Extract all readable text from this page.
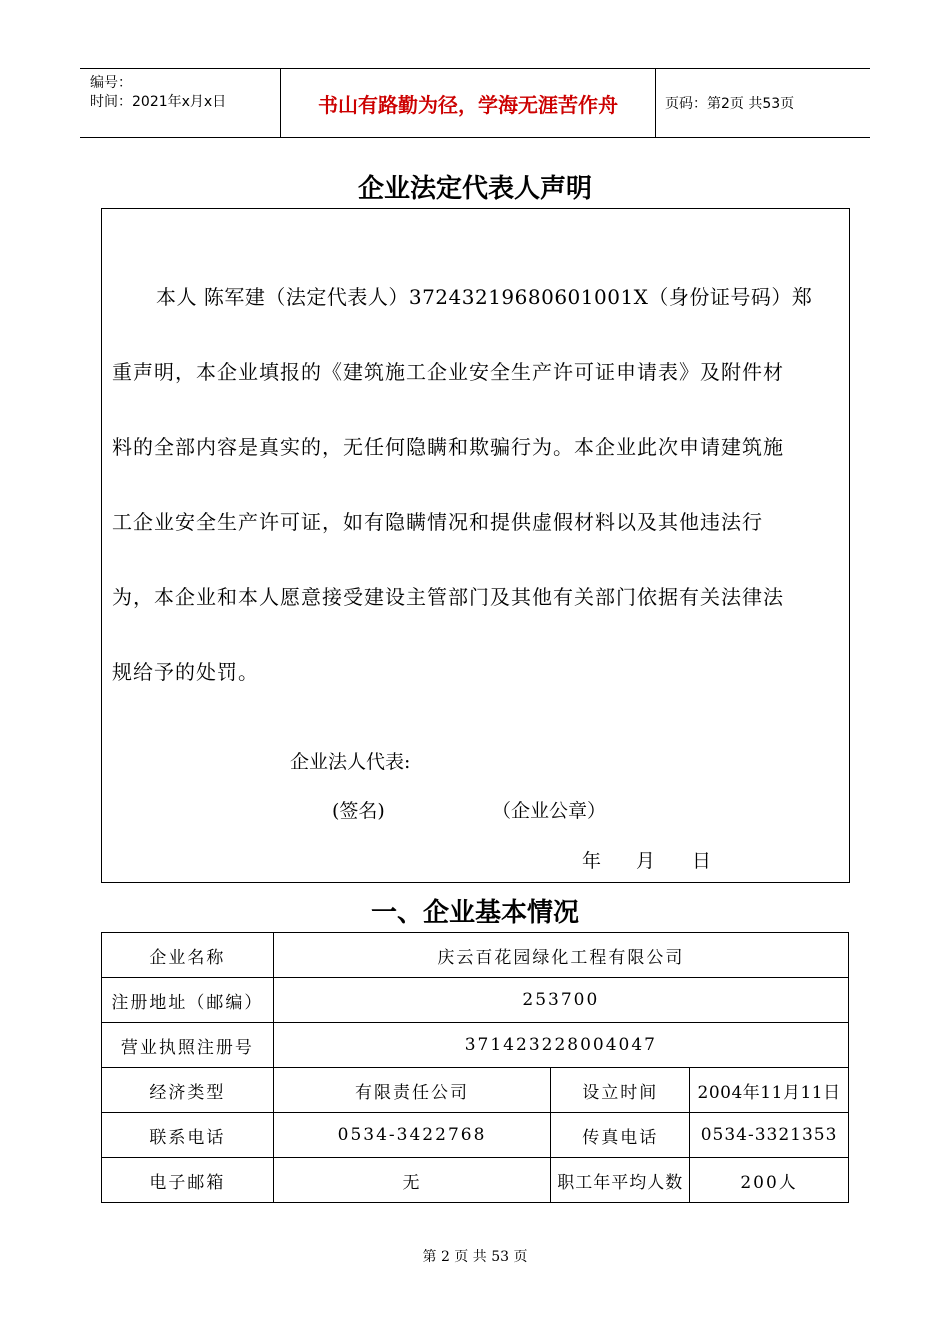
编号：
时间：2021年x月x日	书山有路勤为径，学海无涯苦作舟	页码：第2页 共53页
企业法定代表人声明
本人 陈军建（法定代表人）37243219680601001X（身份证号码）郑
重声明，本企业填报的《建筑施工企业安全生产许可证申请表》及附件材
料的全部内容是真实的，无任何隐瞒和欺骗行为。本企业此次申请建筑施
工企业安全生产许可证，如有隐瞒情况和提供虚假材料以及其他违法行
为，本企业和本人愿意接受建设主管部门及其他有关部门依据有关法律法
规给予的处罚。
企业法人代表:
(签名)	（企业公章）
年 月 日
一、企业基本情况
企业名称	庆云百花园绿化工程有限公司		
注册地址（邮编）	253700		
营业执照注册号	371423228004047		
经济类型	有限责任公司	设立时间	2004年11月11日
联系电话	0534-3422768	传真电话	0534-3321353
电子邮箱	无	职工年平均人数	200人
第 2 页 共 53 页
